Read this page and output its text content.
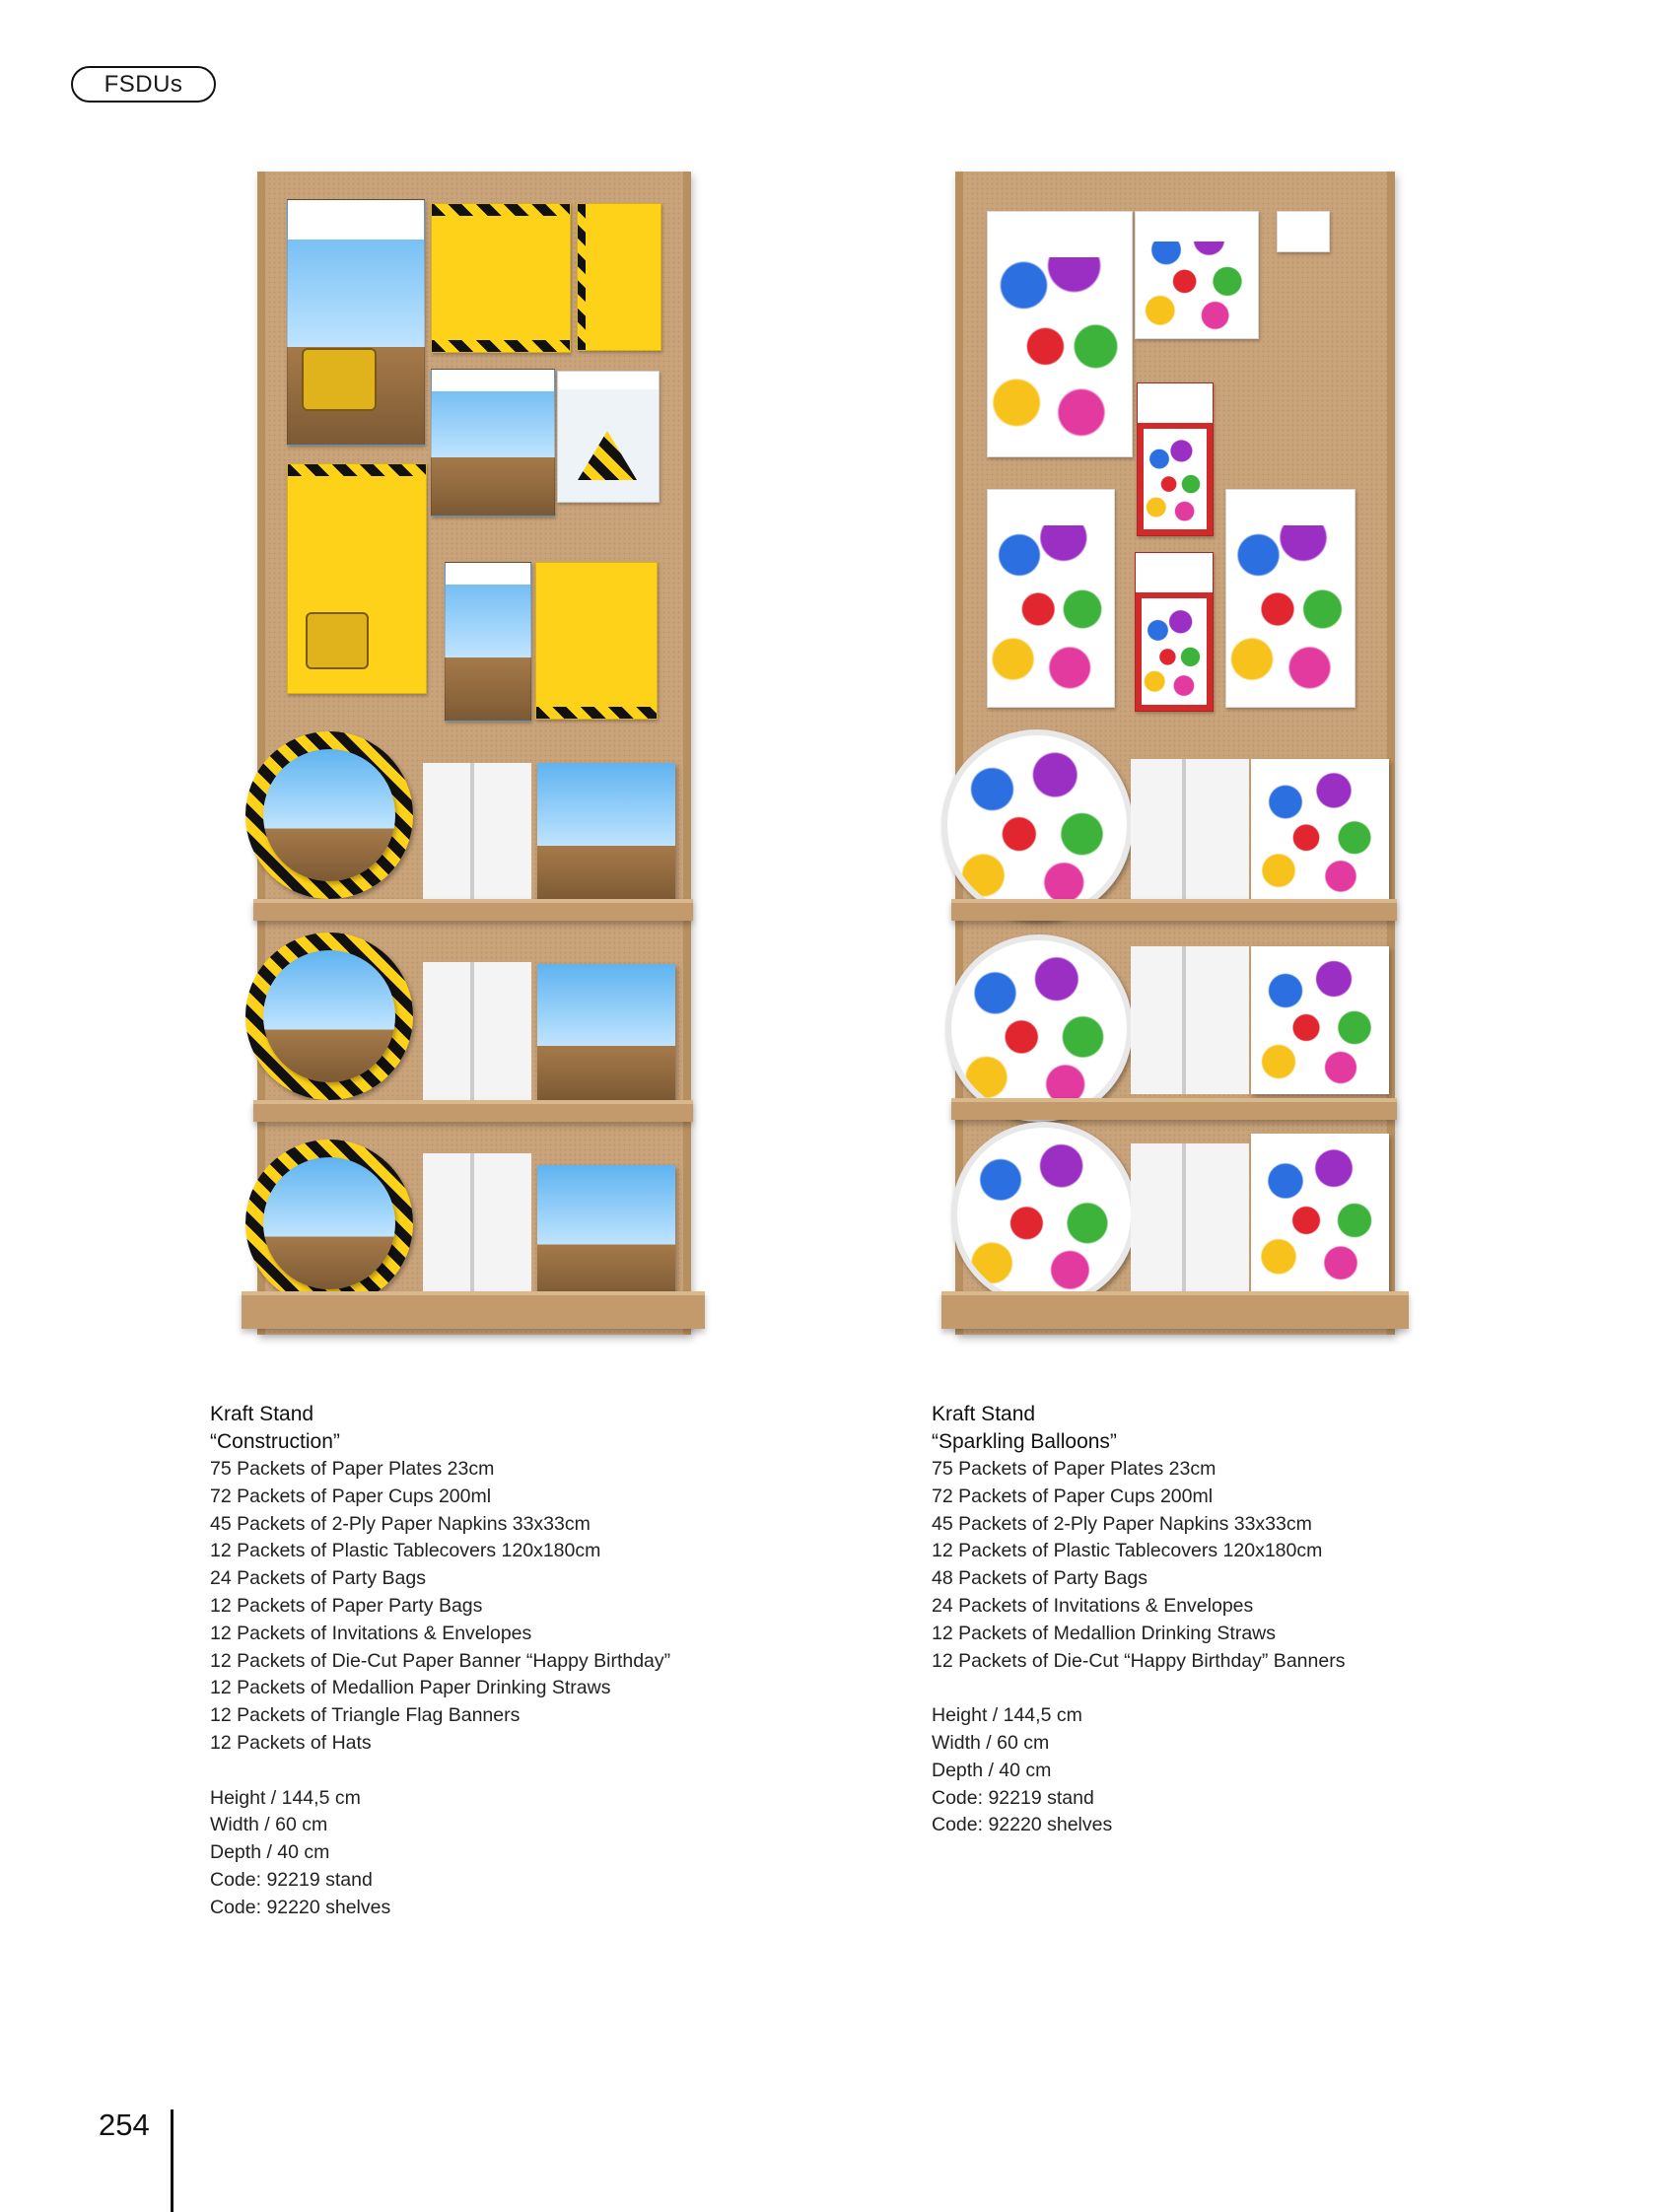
FSDUs
Kraft Stand
“Construction”
75 Packets of Paper Plates 23cm
72 Packets of Paper Cups 200ml
45 Packets of 2-Ply Paper Napkins 33x33cm
12 Packets of Plastic Tablecovers 120x180cm
24 Packets of Party Bags
12 Packets of Paper Party Bags
12 Packets of Invitations & Envelopes
12 Packets of Die-Cut Paper Banner “Happy Birthday”
12 Packets of Medallion Paper Drinking Straws
12 Packets of Triangle Flag Banners
12 Packets of Hats
Height / 144,5 cm
Width / 60 cm
Depth / 40 cm
Code: 92219 stand
Code: 92220 shelves
Kraft Stand
“Sparkling Balloons”
75 Packets of Paper Plates 23cm
72 Packets of Paper Cups 200ml
45 Packets of 2-Ply Paper Napkins 33x33cm
12 Packets of Plastic Tablecovers 120x180cm
48 Packets of Party Bags
24 Packets of Invitations & Envelopes
12 Packets of Medallion Drinking Straws
12 Packets of Die-Cut “Happy Birthday” Banners
Height / 144,5 cm
Width / 60 cm
Depth / 40 cm
Code: 92219 stand
Code: 92220 shelves
254
